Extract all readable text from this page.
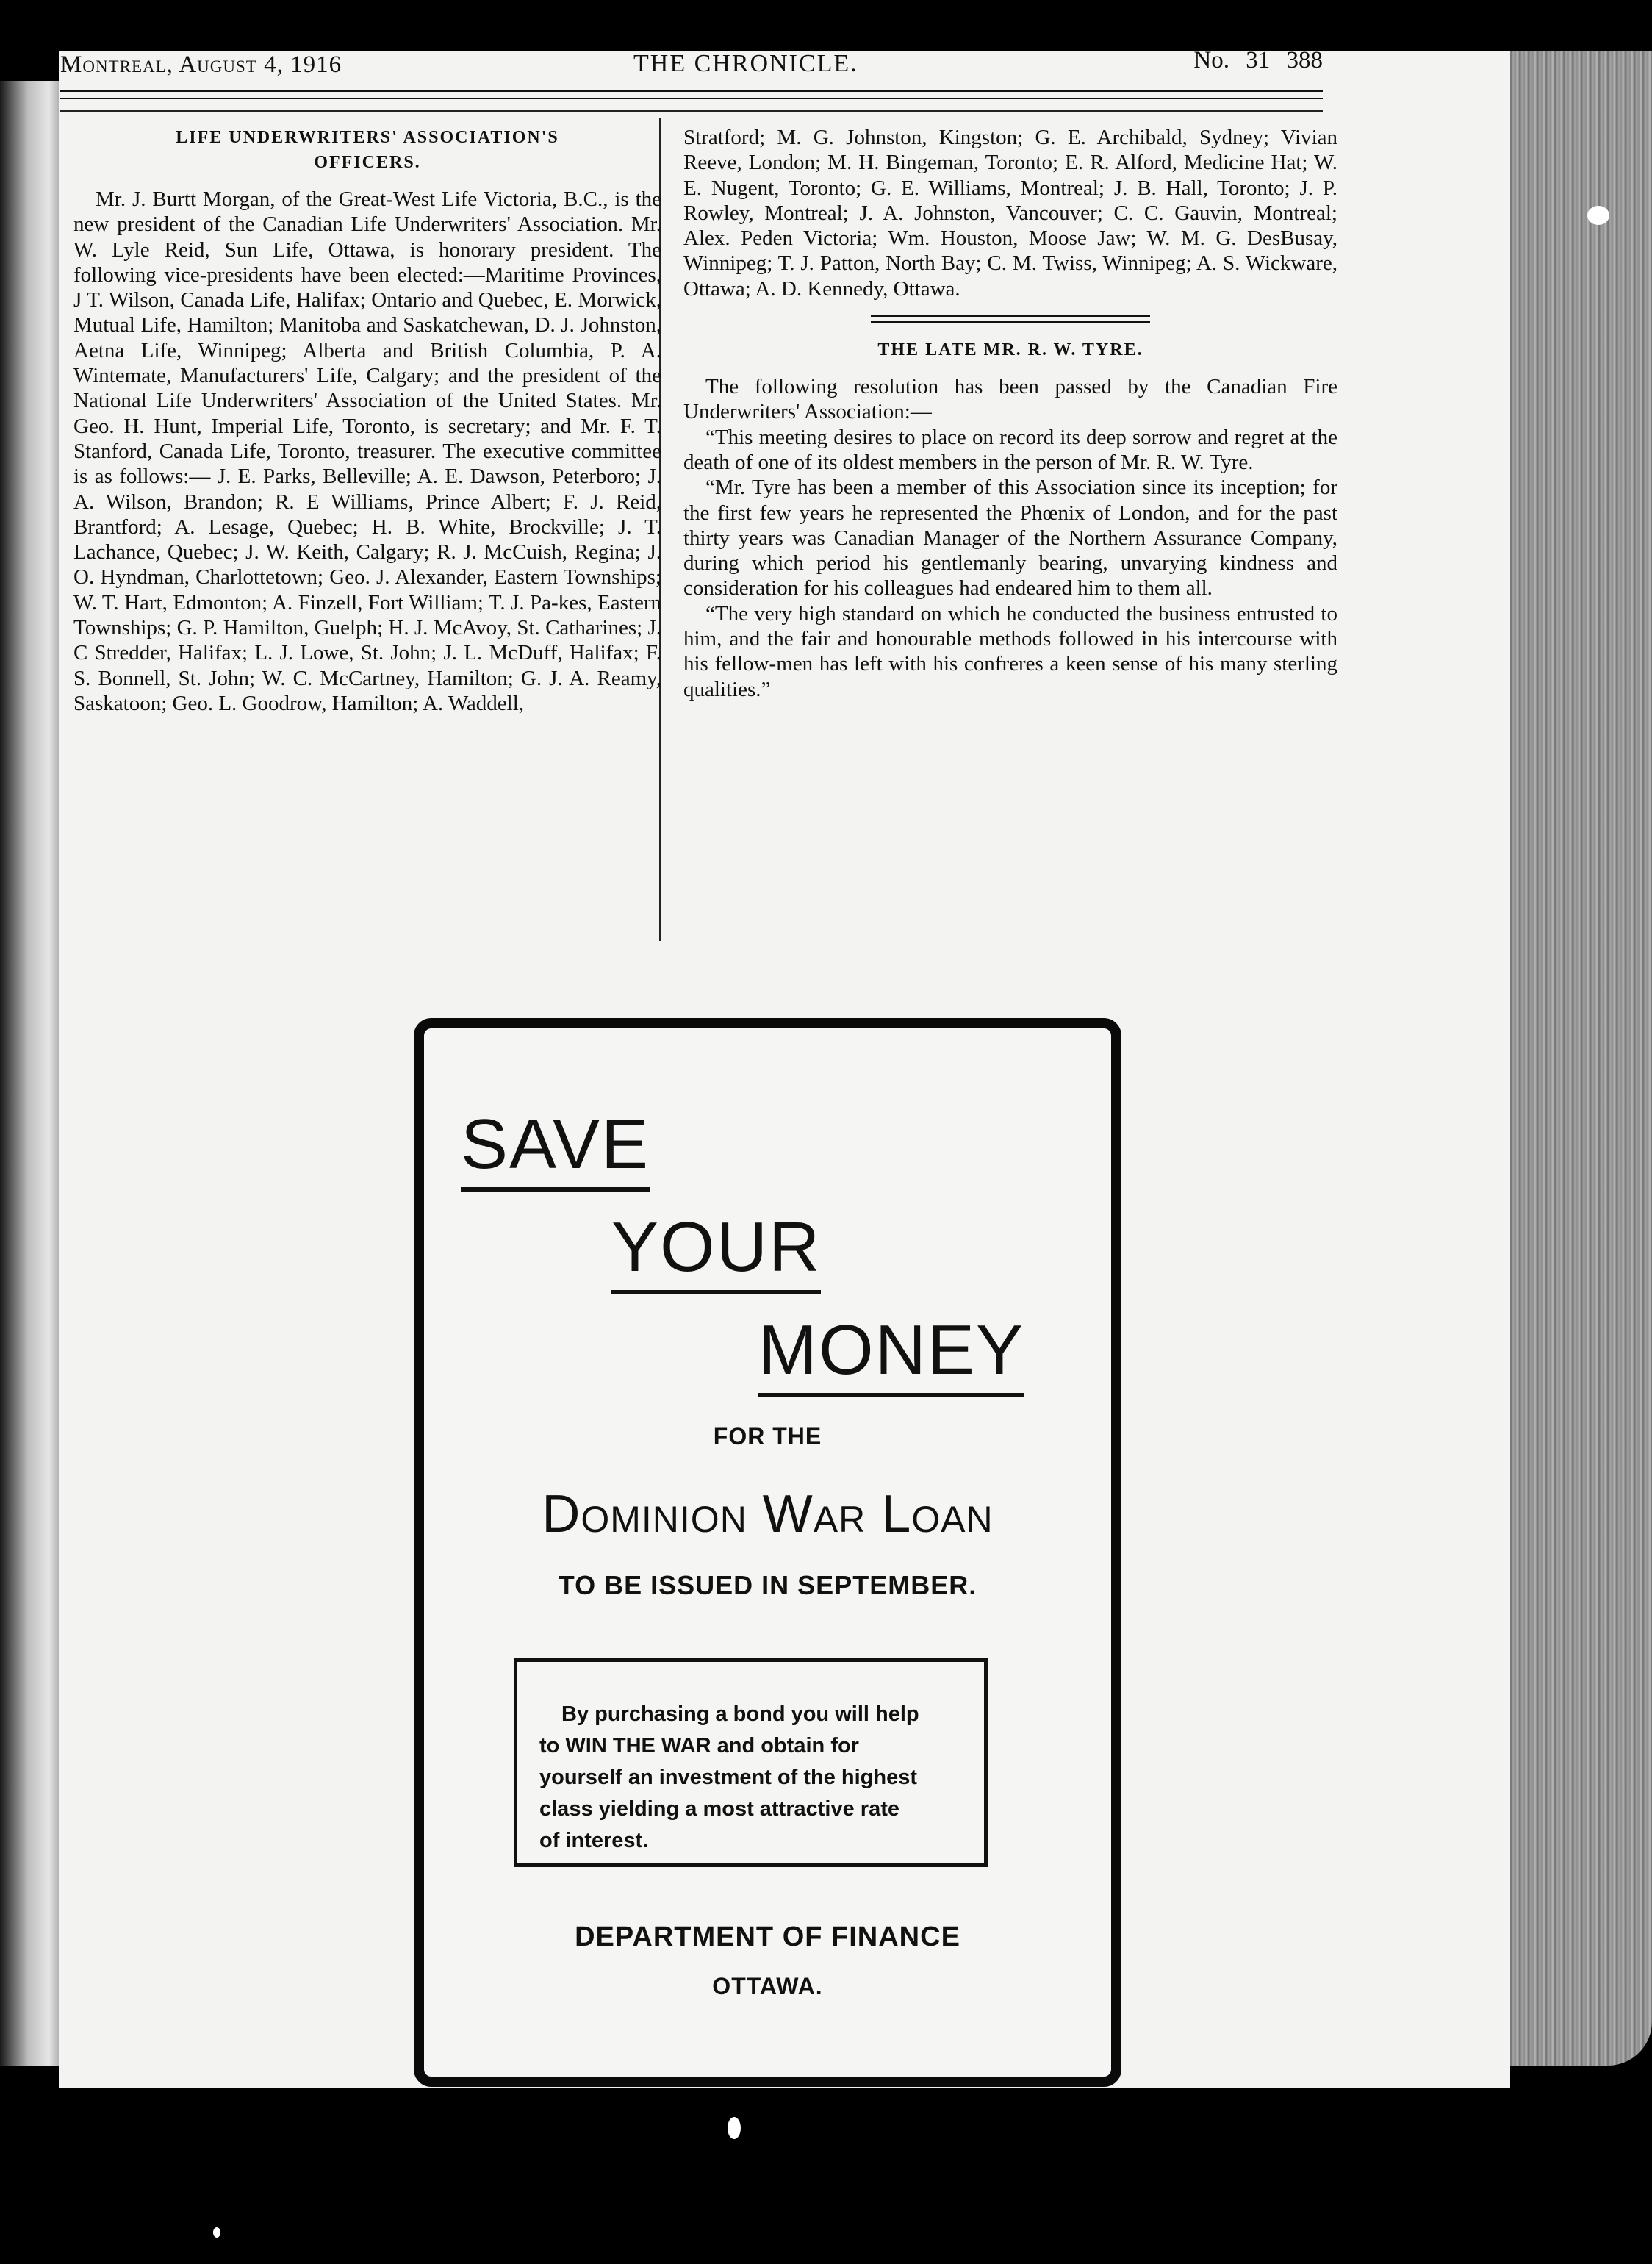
Montreal, August 4, 1916	THE CHRONICLE.	No. 31 388
LIFE UNDERWRITERS' ASSOCIATION'S
OFFICERS.

Mr. J. Burtt Morgan, of the Great-West Life Victoria, B.C., is the new president of the Canadian Life Underwriters' Association. Mr. W. Lyle Reid, Sun Life, Ottawa, is honorary president. The following vice-presidents have been elected:—Maritime Provinces, J T. Wilson, Canada Life, Halifax; Ontario and Quebec, E. Morwick, Mutual Life, Hamilton; Manitoba and Saskatchewan, D. J. Johnston, Aetna Life, Winnipeg; Alberta and British Columbia, P. A. Wintemate, Manufacturers' Life, Calgary; and the president of the National Life Underwriters' Association of the United States. Mr. Geo. H. Hunt, Imperial Life, Toronto, is secretary; and Mr. F. T. Stanford, Canada Life, Toronto, treasurer. The executive committee is as follows:— J. E. Parks, Belleville; A. E. Dawson, Peterboro; J. A. Wilson, Brandon; R. E Williams, Prince Albert; F. J. Reid, Brantford; A. Lesage, Quebec; H. B. White, Brockville; J. T. Lachance, Quebec; J. W. Keith, Calgary; R. J. McCuish, Regina; J. O. Hyndman, Charlottetown; Geo. J. Alexander, Eastern Townships; W. T. Hart, Edmonton; A. Finzell, Fort William; T. J. Pa-kes, Eastern Townships; G. P. Hamilton, Guelph; H. J. McAvoy, St. Catharines; J. C Stredder, Halifax; L. J. Lowe, St. John; J. L. McDuff, Halifax; F. S. Bonnell, St. John; W. C. McCartney, Hamilton; G. J. A. Reamy, Saskatoon; Geo. L. Goodrow, Hamilton; A. Waddell,

Stratford; M. G. Johnston, Kingston; G. E. Archibald, Sydney; Vivian Reeve, London; M. H. Bingeman, Toronto; E. R. Alford, Medicine Hat; W. E. Nugent, Toronto; G. E. Williams, Montreal; J. B. Hall, Toronto; J. P. Rowley, Montreal; J. A. Johnston, Vancouver; C. C. Gauvin, Montreal; Alex. Peden Victoria; Wm. Houston, Moose Jaw; W. M. G. DesBusay, Winnipeg; T. J. Patton, North Bay; C. M. Twiss, Winnipeg; A. S. Wickware, Ottawa; A. D. Kennedy, Ottawa.

THE LATE MR. R. W. TYRE.

The following resolution has been passed by the Canadian Fire Underwriters' Association:—

“This meeting desires to place on record its deep sorrow and regret at the death of one of its oldest members in the person of Mr. R. W. Tyre.

“Mr. Tyre has been a member of this Association since its inception; for the first few years he represented the Phœnix of London, and for the past thirty years was Canadian Manager of the Northern Assurance Company, during which period his gentlemanly bearing, unvarying kindness and consideration for his colleagues had endeared him to them all.

“The very high standard on which he conducted the business entrusted to him, and the fair and honourable methods followed in his intercourse with his fellow-men has left with his confreres a keen sense of his many sterling qualities.”

SAVE
YOUR
MONEY
FOR THE
Dominion War Loan
TO BE ISSUED IN SEPTEMBER.
By purchasing a bond you will help
to WIN THE WAR and obtain for
yourself an investment of the highest
class yielding a most attractive rate
of interest.
DEPARTMENT OF FINANCE
OTTAWA.
